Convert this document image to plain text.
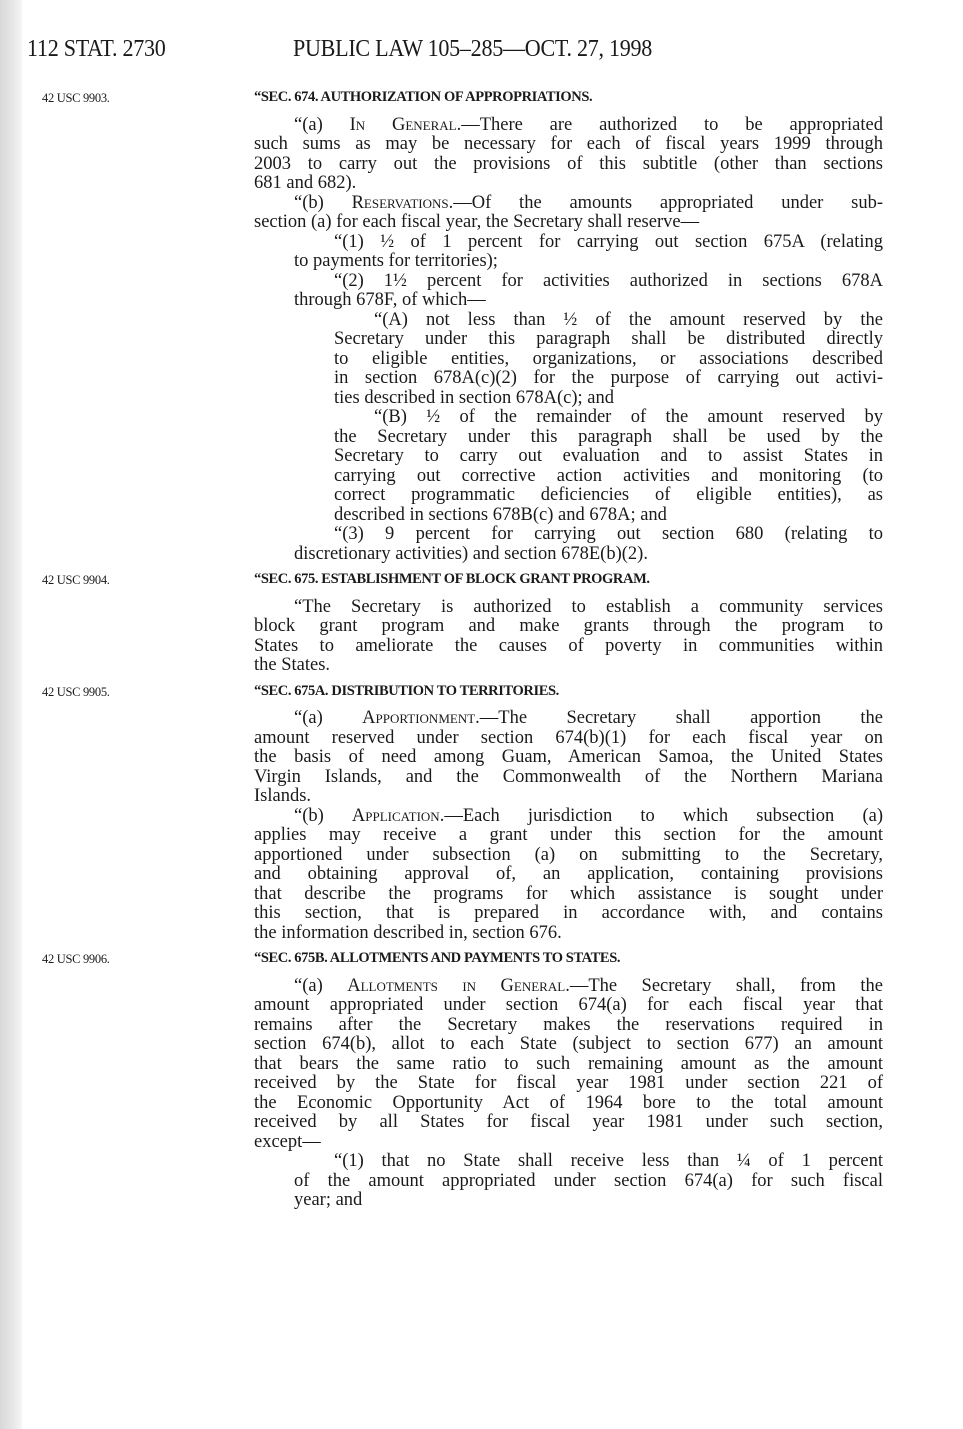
112 STAT. 2730	PUBLIC LAW 105–285—OCT. 27, 1998
42 USC 9903.	“SEC. 674. AUTHORIZATION OF APPROPRIATIONS.
“(a) In General.—There are authorized to be appropriated
such sums as may be necessary for each of fiscal years 1999 through
2003 to carry out the provisions of this subtitle (other than sections
681 and 682).
“(b) Reservations.—Of the amounts appropriated under sub-
section (a) for each fiscal year, the Secretary shall reserve—
“(1) ½ of 1 percent for carrying out section 675A (relating
to payments for territories);
“(2) 1½ percent for activities authorized in sections 678A
through 678F, of which—
“(A) not less than ½ of the amount reserved by the
Secretary under this paragraph shall be distributed directly
to eligible entities, organizations, or associations described
in section 678A(c)(2) for the purpose of carrying out activi-
ties described in section 678A(c); and
“(B) ½ of the remainder of the amount reserved by
the Secretary under this paragraph shall be used by the
Secretary to carry out evaluation and to assist States in
carrying out corrective action activities and monitoring (to
correct programmatic deficiencies of eligible entities), as
described in sections 678B(c) and 678A; and
“(3) 9 percent for carrying out section 680 (relating to
discretionary activities) and section 678E(b)(2).
42 USC 9904.	“SEC. 675. ESTABLISHMENT OF BLOCK GRANT PROGRAM.
“The Secretary is authorized to establish a community services
block grant program and make grants through the program to
States to ameliorate the causes of poverty in communities within
the States.
42 USC 9905.	“SEC. 675A. DISTRIBUTION TO TERRITORIES.
“(a) Apportionment.—The Secretary shall apportion the
amount reserved under section 674(b)(1) for each fiscal year on
the basis of need among Guam, American Samoa, the United States
Virgin Islands, and the Commonwealth of the Northern Mariana
Islands.
“(b) Application.—Each jurisdiction to which subsection (a)
applies may receive a grant under this section for the amount
apportioned under subsection (a) on submitting to the Secretary,
and obtaining approval of, an application, containing provisions
that describe the programs for which assistance is sought under
this section, that is prepared in accordance with, and contains
the information described in, section 676.
42 USC 9906.	“SEC. 675B. ALLOTMENTS AND PAYMENTS TO STATES.
“(a) Allotments in General.—The Secretary shall, from the
amount appropriated under section 674(a) for each fiscal year that
remains after the Secretary makes the reservations required in
section 674(b), allot to each State (subject to section 677) an amount
that bears the same ratio to such remaining amount as the amount
received by the State for fiscal year 1981 under section 221 of
the Economic Opportunity Act of 1964 bore to the total amount
received by all States for fiscal year 1981 under such section,
except—
“(1) that no State shall receive less than ¼ of 1 percent
of the amount appropriated under section 674(a) for such fiscal
year; and
